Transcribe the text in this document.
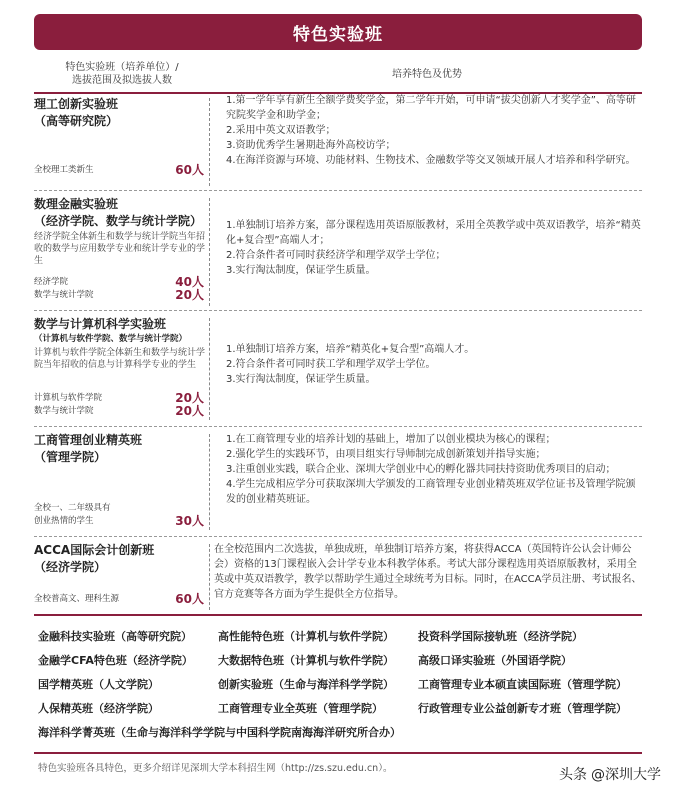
特色实验班
特色实验班（培养单位）/
选拔范围及拟选拔人数
培养特色及优势
理工创新实验班
（高等研究院）
全校理工类新生	60人
1.第一学年享有新生全额学费奖学金，第二学年开始，可申请“拔尖创新人才奖学金”、高等研究院奖学金和助学金；
2.采用中英文双语教学；
3.资助优秀学生暑期赴海外高校访学；
4.在海洋资源与环境、功能材料、生物技术、金融数学等交叉领域开展人才培养和科学研究。
数理金融实验班
（经济学院、数学与统计学院）
经济学院全体新生和数学与统计学院当年招收的数学与应用数学专业和统计学专业的学生
经济学院	40人
数学与统计学院	20人
1.单独制订培养方案，部分课程选用英语原版教材，采用全英教学或中英双语教学，培养“精英化+复合型”高端人才；
2.符合条件者可同时获经济学和理学双学士学位；
3.实行淘汰制度，保证学生质量。
数学与计算机科学实验班
（计算机与软件学院、数学与统计学院）
计算机与软件学院全体新生和数学与统计学院当年招收的信息与计算科学专业的学生
计算机与软件学院	20人
数学与统计学院	20人
1.单独制订培养方案，培养“精英化+复合型”高端人才。
2.符合条件者可同时获工学和理学双学士学位。
3.实行淘汰制度，保证学生质量。
工商管理创业精英班
（管理学院）
全校一、二年级具有
创业热情的学生	30人
1.在工商管理专业的培养计划的基础上，增加了以创业模块为核心的课程；
2.强化学生的实践环节，由项目组实行导师制完成创新策划并指导实施；
3.注重创业实践，联合企业、深圳大学创业中心的孵化器共同扶持资助优秀项目的启动；
4.学生完成相应学分可获取深圳大学颁发的工商管理专业创业精英班双学位证书及管理学院颁发的创业精英班证。
ACCA国际会计创新班
（经济学院）
全校普高文、理科生源	60人
在全校范围内二次选拔，单独成班，单独制订培养方案，将获得ACCA（英国特许公认会计师公会）资格的13门课程嵌入会计学专业本科教学体系。考试大部分课程选用英语原版教材，采用全英或中英双语教学，教学以帮助学生通过全球统考为目标。同时，在ACCA学员注册、考试报名、官方竞赛等各方面为学生提供全方位指导。
金融科技实验班（高等研究院） 高性能特色班（计算机与软件学院） 投资科学国际接轨班（经济学院）
金融学CFA特色班（经济学院） 大数据特色班（计算机与软件学院） 高级口译实验班（外国语学院）
国学精英班（人文学院）	创新实验班（生命与海洋科学学院） 工商管理专业本硕直读国际班（管理学院）
人保精英班（经济学院）	工商管理专业全英班（管理学院）	行政管理专业公益创新专才班（管理学院）
海洋科学菁英班（生命与海洋科学学院与中国科学院南海海洋研究所合办）
特色实验班各具特色，更多介绍详见深圳大学本科招生网（http://zs.szu.edu.cn）。	头条 @深圳大学
